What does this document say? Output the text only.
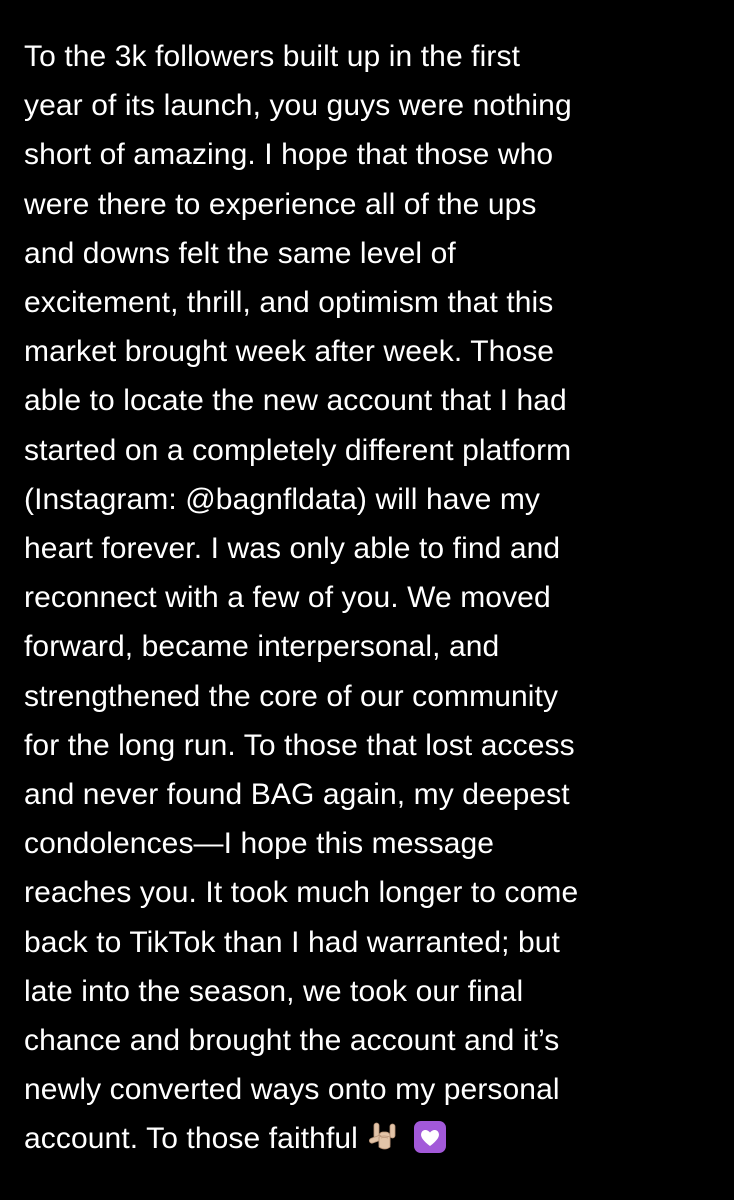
To the 3k followers built up in the first
year of its launch, you guys were nothing
short of amazing. I hope that those who
were there to experience all of the ups
and downs felt the same level of
excitement, thrill, and optimism that this
market brought week after week. Those
able to locate the new account that I had
started on a completely different platform
(Instagram: @bagnfldata) will have my
heart forever. I was only able to find and
reconnect with a few of you. We moved
forward, became interpersonal, and
strengthened the core of our community
for the long run. To those that lost access
and never found BAG again, my deepest
condolences—I hope this message
reaches you. It took much longer to come
back to TikTok than I had warranted; but
late into the season, we took our final
chance and brought the account and it’s
newly converted ways onto my personal
account. To those faithful
